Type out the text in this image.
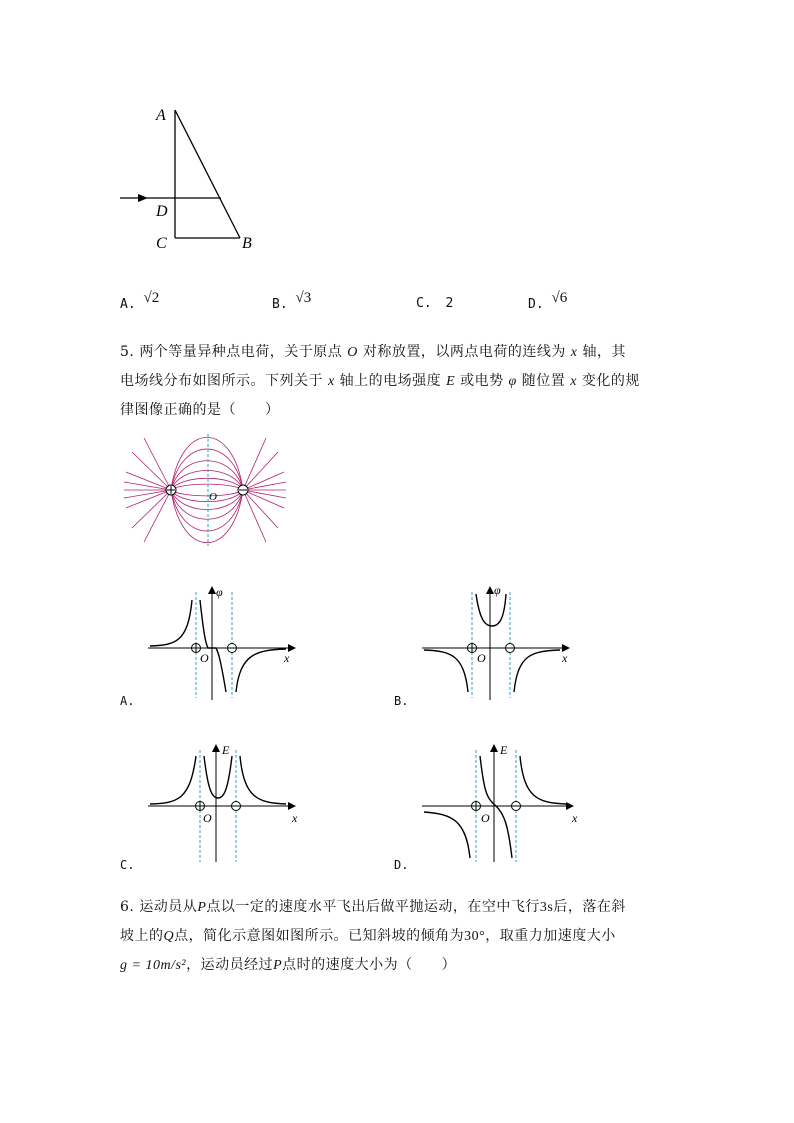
A
D
C	B
A. √2	B. √3	C. 2	D. √6
5. 两个等量异种点电荷，关于原点 O 对称放置，以两点电荷的连线为 x 轴，其
电场线分布如图所示。下列关于 x 轴上的电场强度 E 或电势 φ 随位置 x 变化的规
律图像正确的是（　　）
O
φ
x
O
A.
φ
x
O
B.
E
x
O
C.
E
x
O
D.
6. 运动员从P点以一定的速度水平飞出后做平抛运动，在空中飞行3s后，落在斜
坡上的Q点，简化示意图如图所示。已知斜坡的倾角为30°，取重力加速度大小
g = 10m/s²，运动员经过P点时的速度大小为（　　）
